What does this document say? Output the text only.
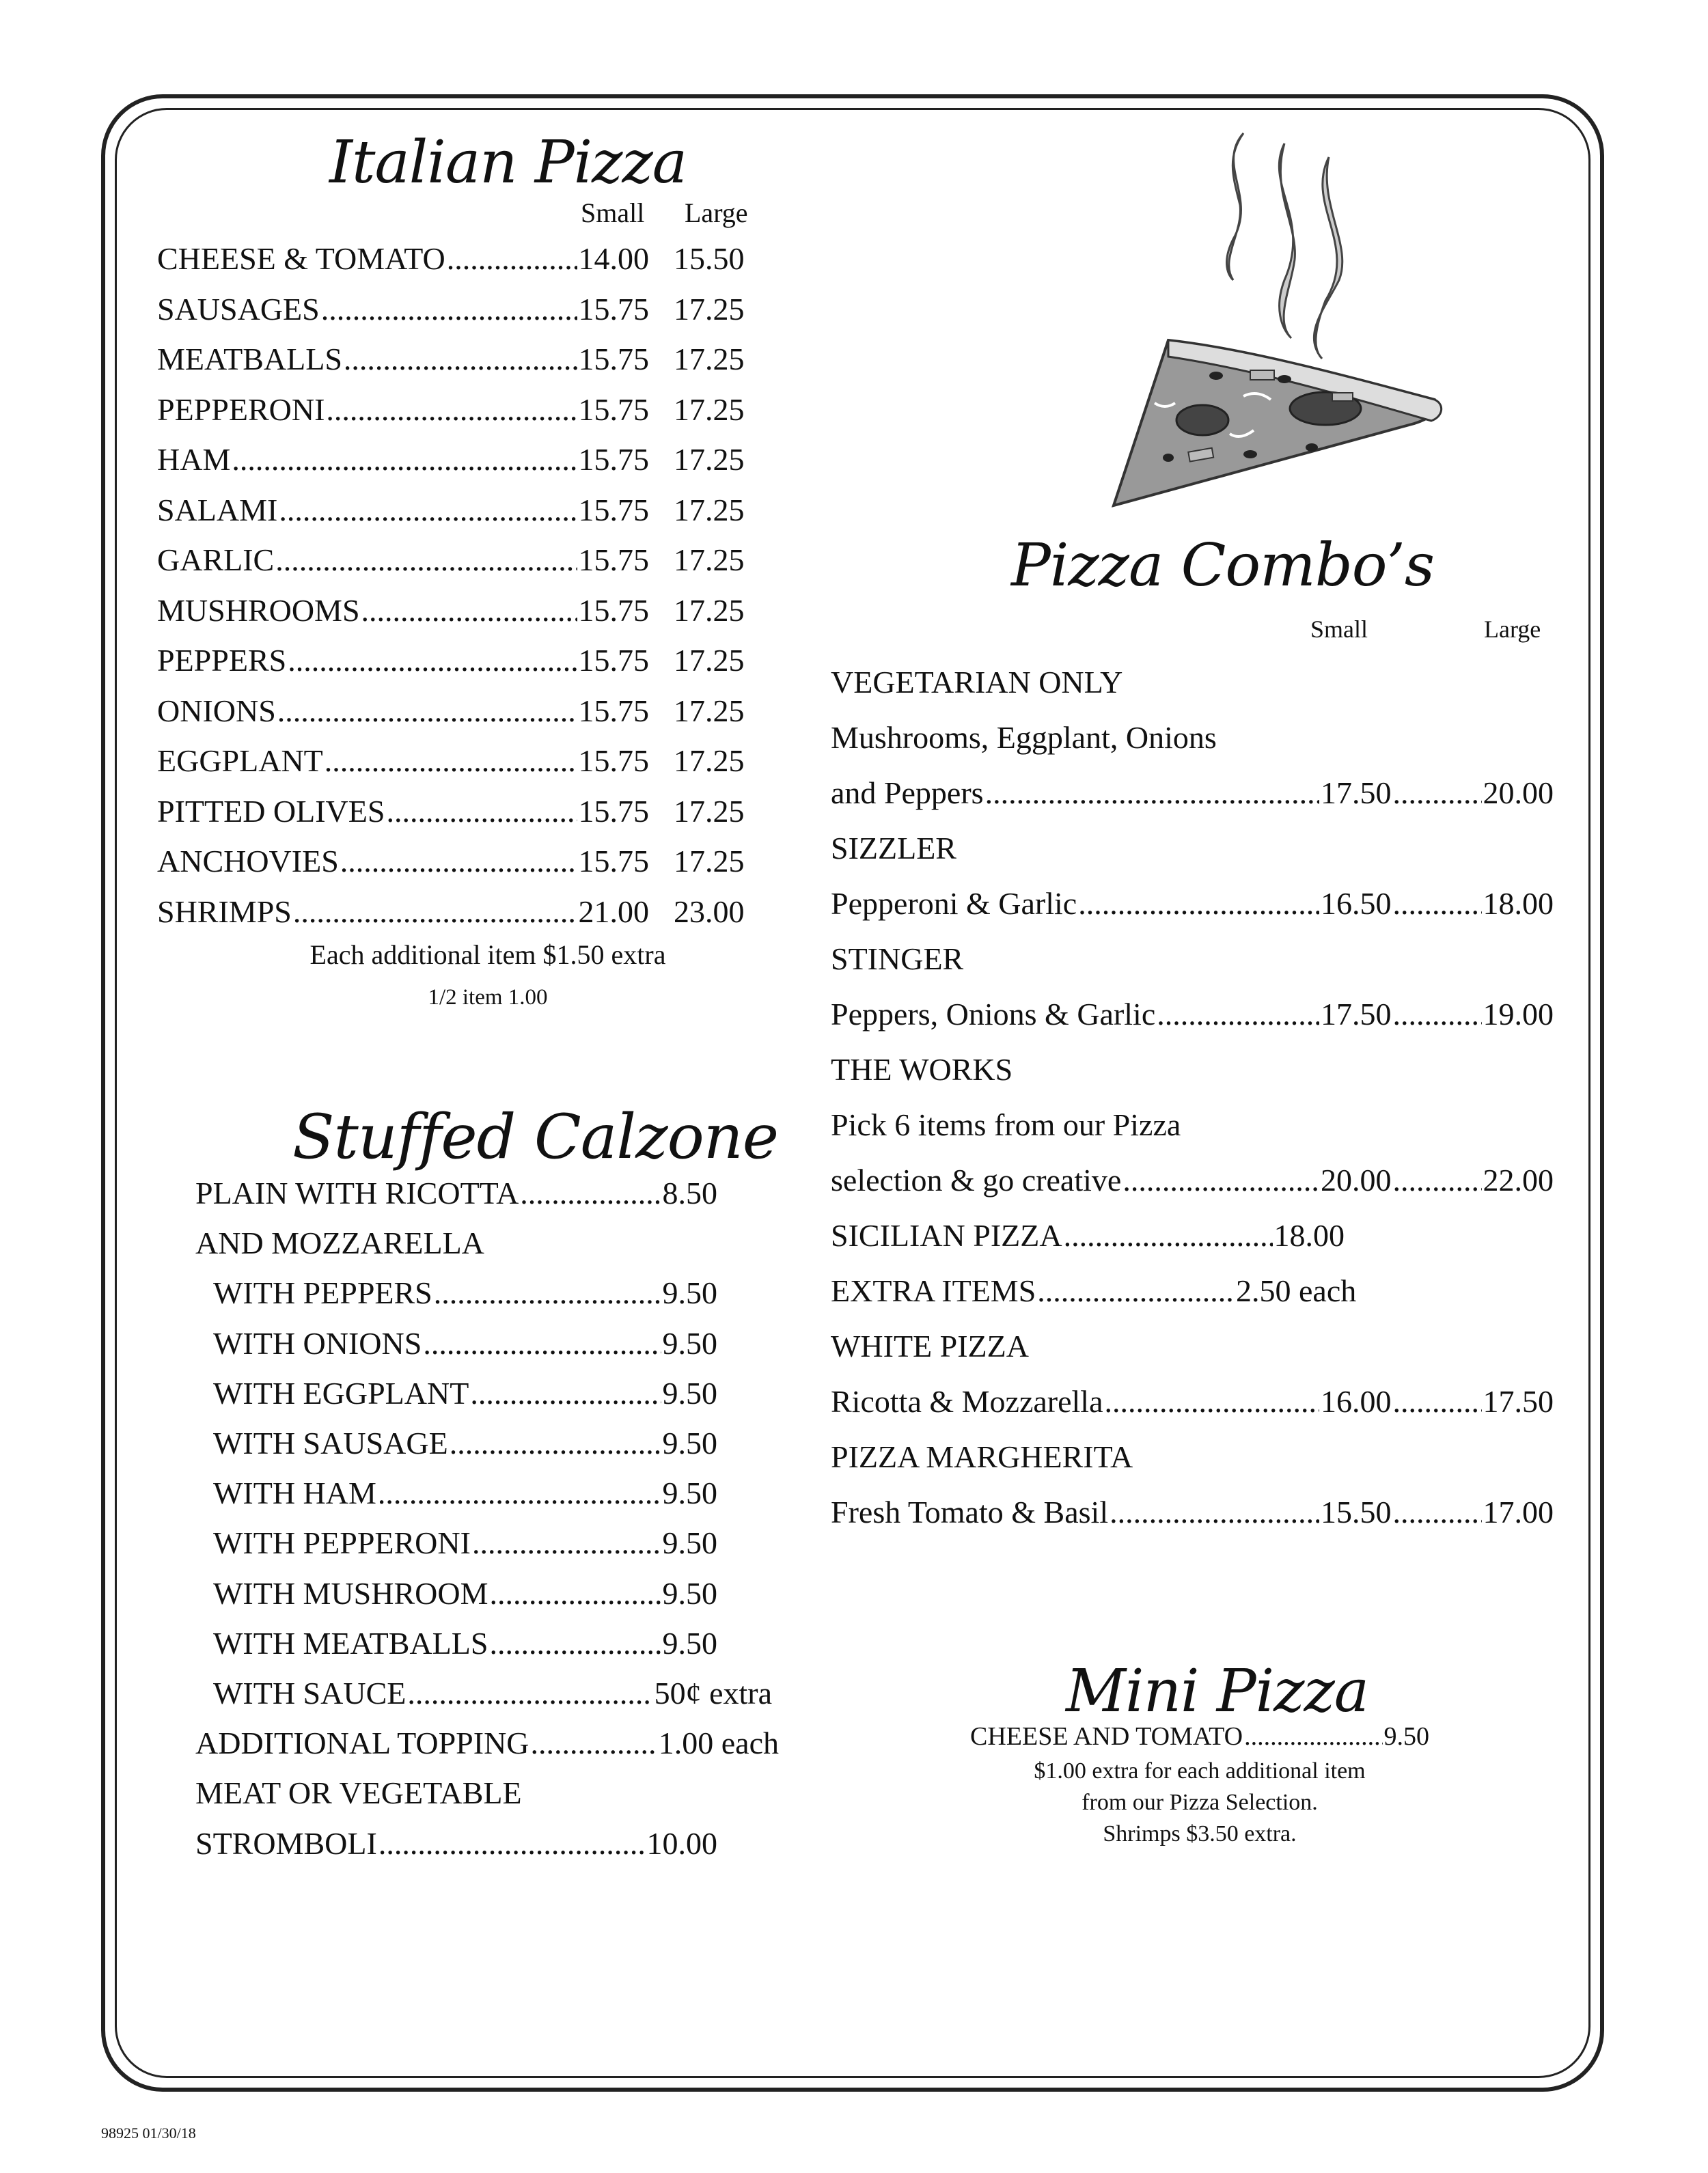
Italian Pizza
Small Large
CHEESE & TOMATO .....	14.00 15.50
SAUSAGES .....	15.75 17.25
MEATBALLS .....	15.75 17.25
PEPPERONI .....	15.75 17.25
HAM .....	15.75 17.25
SALAMI .....	15.75 17.25
GARLIC .....	15.75 17.25
MUSHROOMS .....	15.75 17.25
PEPPERS .....	15.75 17.25
ONIONS .....	15.75 17.25
EGGPLANT .....	15.75 17.25
PITTED OLIVES .....	15.75 17.25
ANCHOVIES .....	15.75 17.25
SHRIMPS .....	21.00 23.00
Each additional item $1.50 extra
1/2 item 1.00
Stuffed Calzone
PLAIN WITH RICOTTA .....	8.50
AND MOZZARELLA
WITH PEPPERS .....	9.50
WITH ONIONS .....	9.50
WITH EGGPLANT .....	9.50
WITH SAUSAGE .....	9.50
WITH HAM .....	9.50
WITH PEPPERONI .....	9.50
WITH MUSHROOM .....	9.50
WITH MEATBALLS .....	9.50
WITH SAUCE .....	50¢ extra
ADDITIONAL TOPPING .....	1.00 each
MEAT OR VEGETABLE
STROMBOLI .....	10.00
Pizza Combo’s
Small	Large
VEGETARIAN ONLY
Mushrooms, Eggplant, Onions
and Peppers .....	17.50 .....	20.00
SIZZLER
Pepperoni & Garlic .....	16.50 .....	18.00
STINGER
Peppers, Onions & Garlic .....	17.50 .....	19.00
THE WORKS
Pick 6 items from our Pizza
selection & go creative .....	20.00 .....	22.00
SICILIAN PIZZA .....	18.00
EXTRA ITEMS .....	2.50 each
WHITE PIZZA
Ricotta & Mozzarella .....	16.00 .....	17.50
PIZZA MARGHERITA
Fresh Tomato & Basil .....	15.50 .....	17.00
Mini Pizza
CHEESE AND TOMATO .....	9.50
$1.00 extra for each additional item
from our Pizza Selection.
Shrimps $3.50 extra.
98925 01/30/18
